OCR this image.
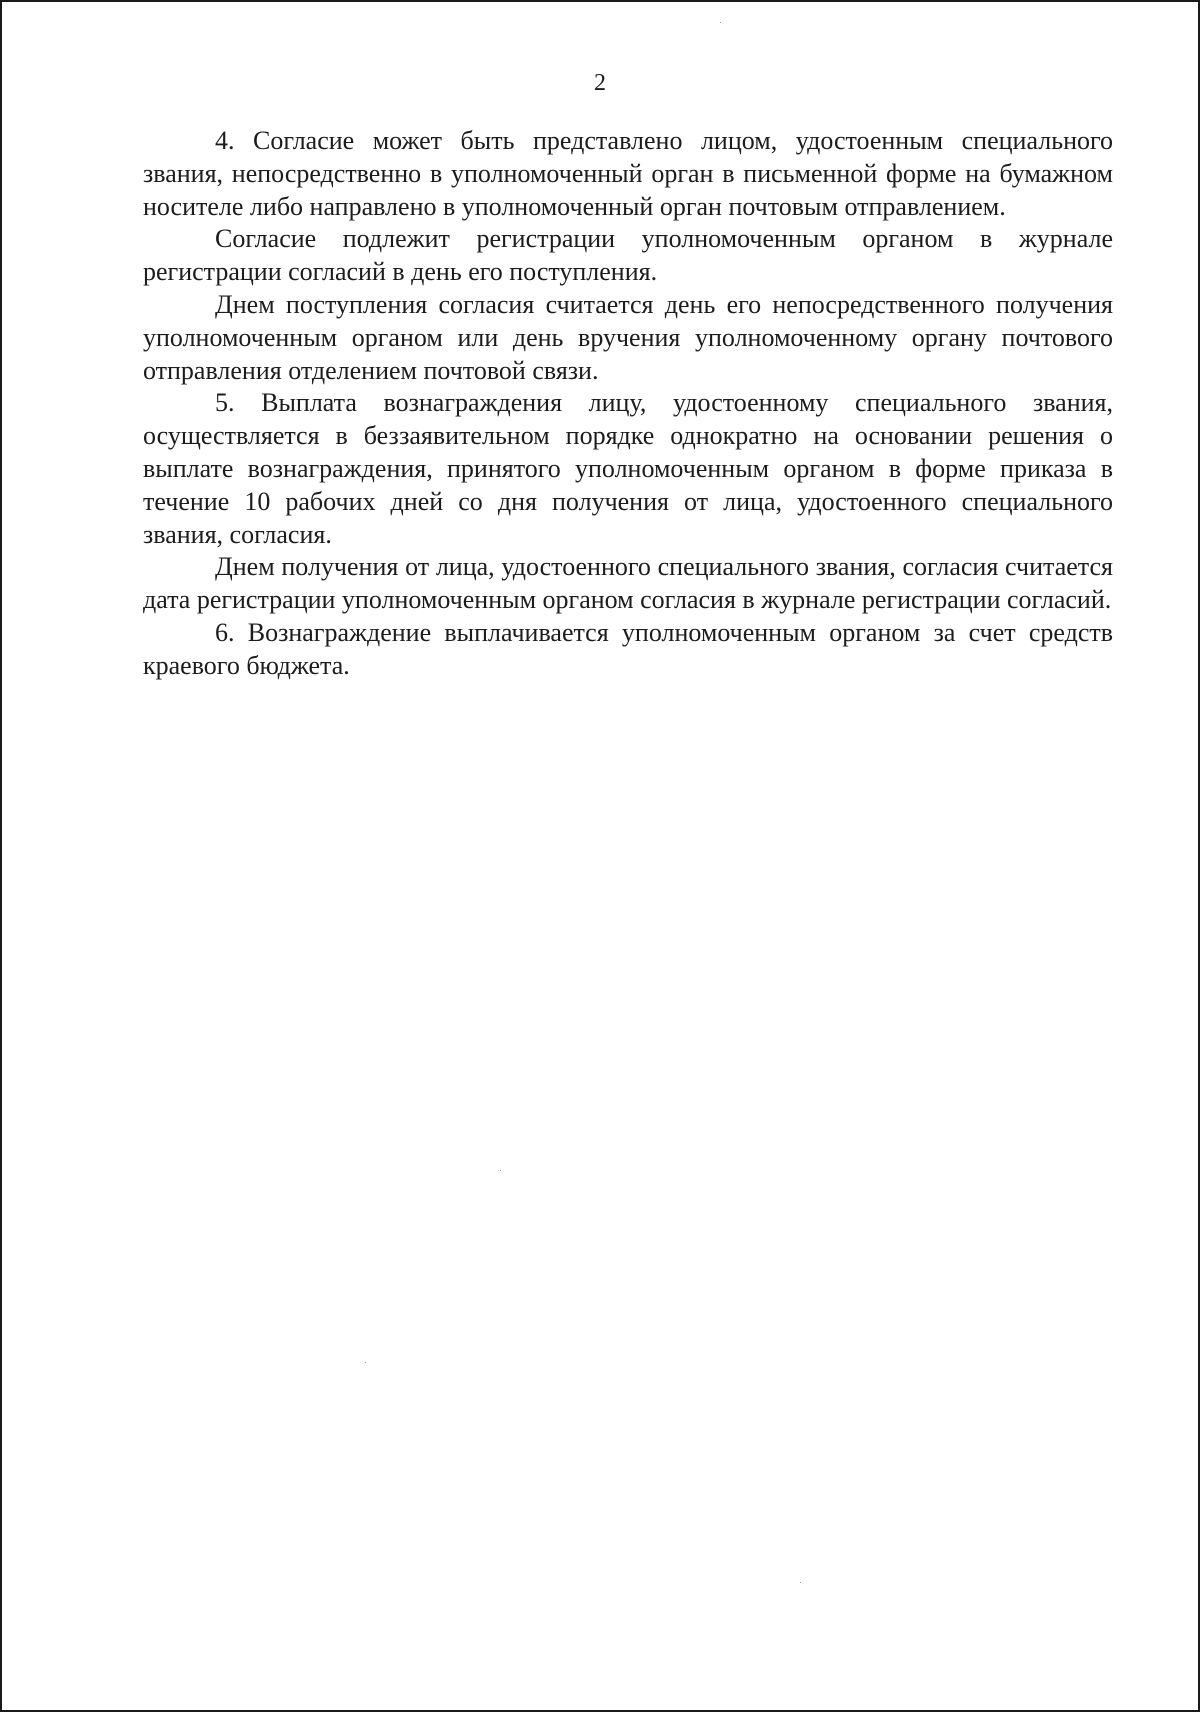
2

4. Согласие может быть представлено лицом, удостоенным специального звания, непосредственно в уполномоченный орган в письменной форме на бумажном носителе либо направлено в уполномоченный орган почтовым отправлением.

Согласие подлежит регистрации уполномоченным органом в журнале регистрации согласий в день его поступления.

Днем поступления согласия считается день его непосредственного получения уполномоченным органом или день вручения уполномоченному органу почтового отправления отделением почтовой связи.

5. Выплата вознаграждения лицу, удостоенному специального звания, осуществляется в беззаявительном порядке однократно на основании решения о выплате вознаграждения, принятого уполномоченным органом в форме приказа в течение 10 рабочих дней со дня получения от лица, удостоенного специального звания, согласия.

Днем получения от лица, удостоенного специального звания, согласия считается дата регистрации уполномоченным органом согласия в журнале регистрации согласий.

6. Вознаграждение выплачивается уполномоченным органом за счет средств краевого бюджета.
